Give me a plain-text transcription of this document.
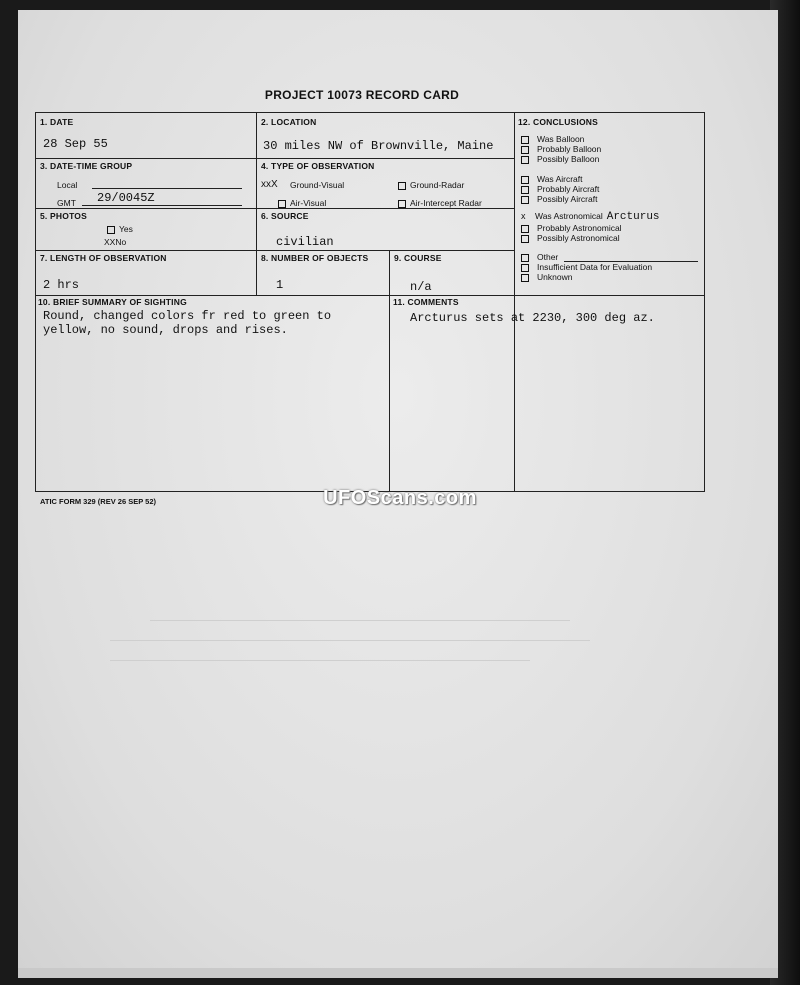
PROJECT 10073 RECORD CARD
1. DATE
28 Sep 55
2. LOCATION
30 miles NW of Brownville, Maine
3. DATE-TIME GROUP
Local
GMT 29/0045Z
4. TYPE OF OBSERVATION
xxX Ground-Visual	Ground-Radar
Air-Visual	Air-Intercept Radar
5. PHOTOS
Yes
XXNo
6. SOURCE
civilian
7. LENGTH OF OBSERVATION
2 hrs
8. NUMBER OF OBJECTS
1
9. COURSE
n/a
10. BRIEF SUMMARY OF SIGHTING
Round, changed colors fr red to green to
yellow, no sound, drops and rises.
11. COMMENTS
Arcturus sets at 2230, 300 deg az.
12. CONCLUSIONS
Was Balloon
Probably Balloon
Possibly Balloon
Was Aircraft
Probably Aircraft
Possibly Aircraft
x Was Astronomical Arcturus
Probably Astronomical
Possibly Astronomical
Other
Insufficient Data for Evaluation
Unknown
ATIC FORM 329 (REV 26 SEP 52)	UFOScans.com
